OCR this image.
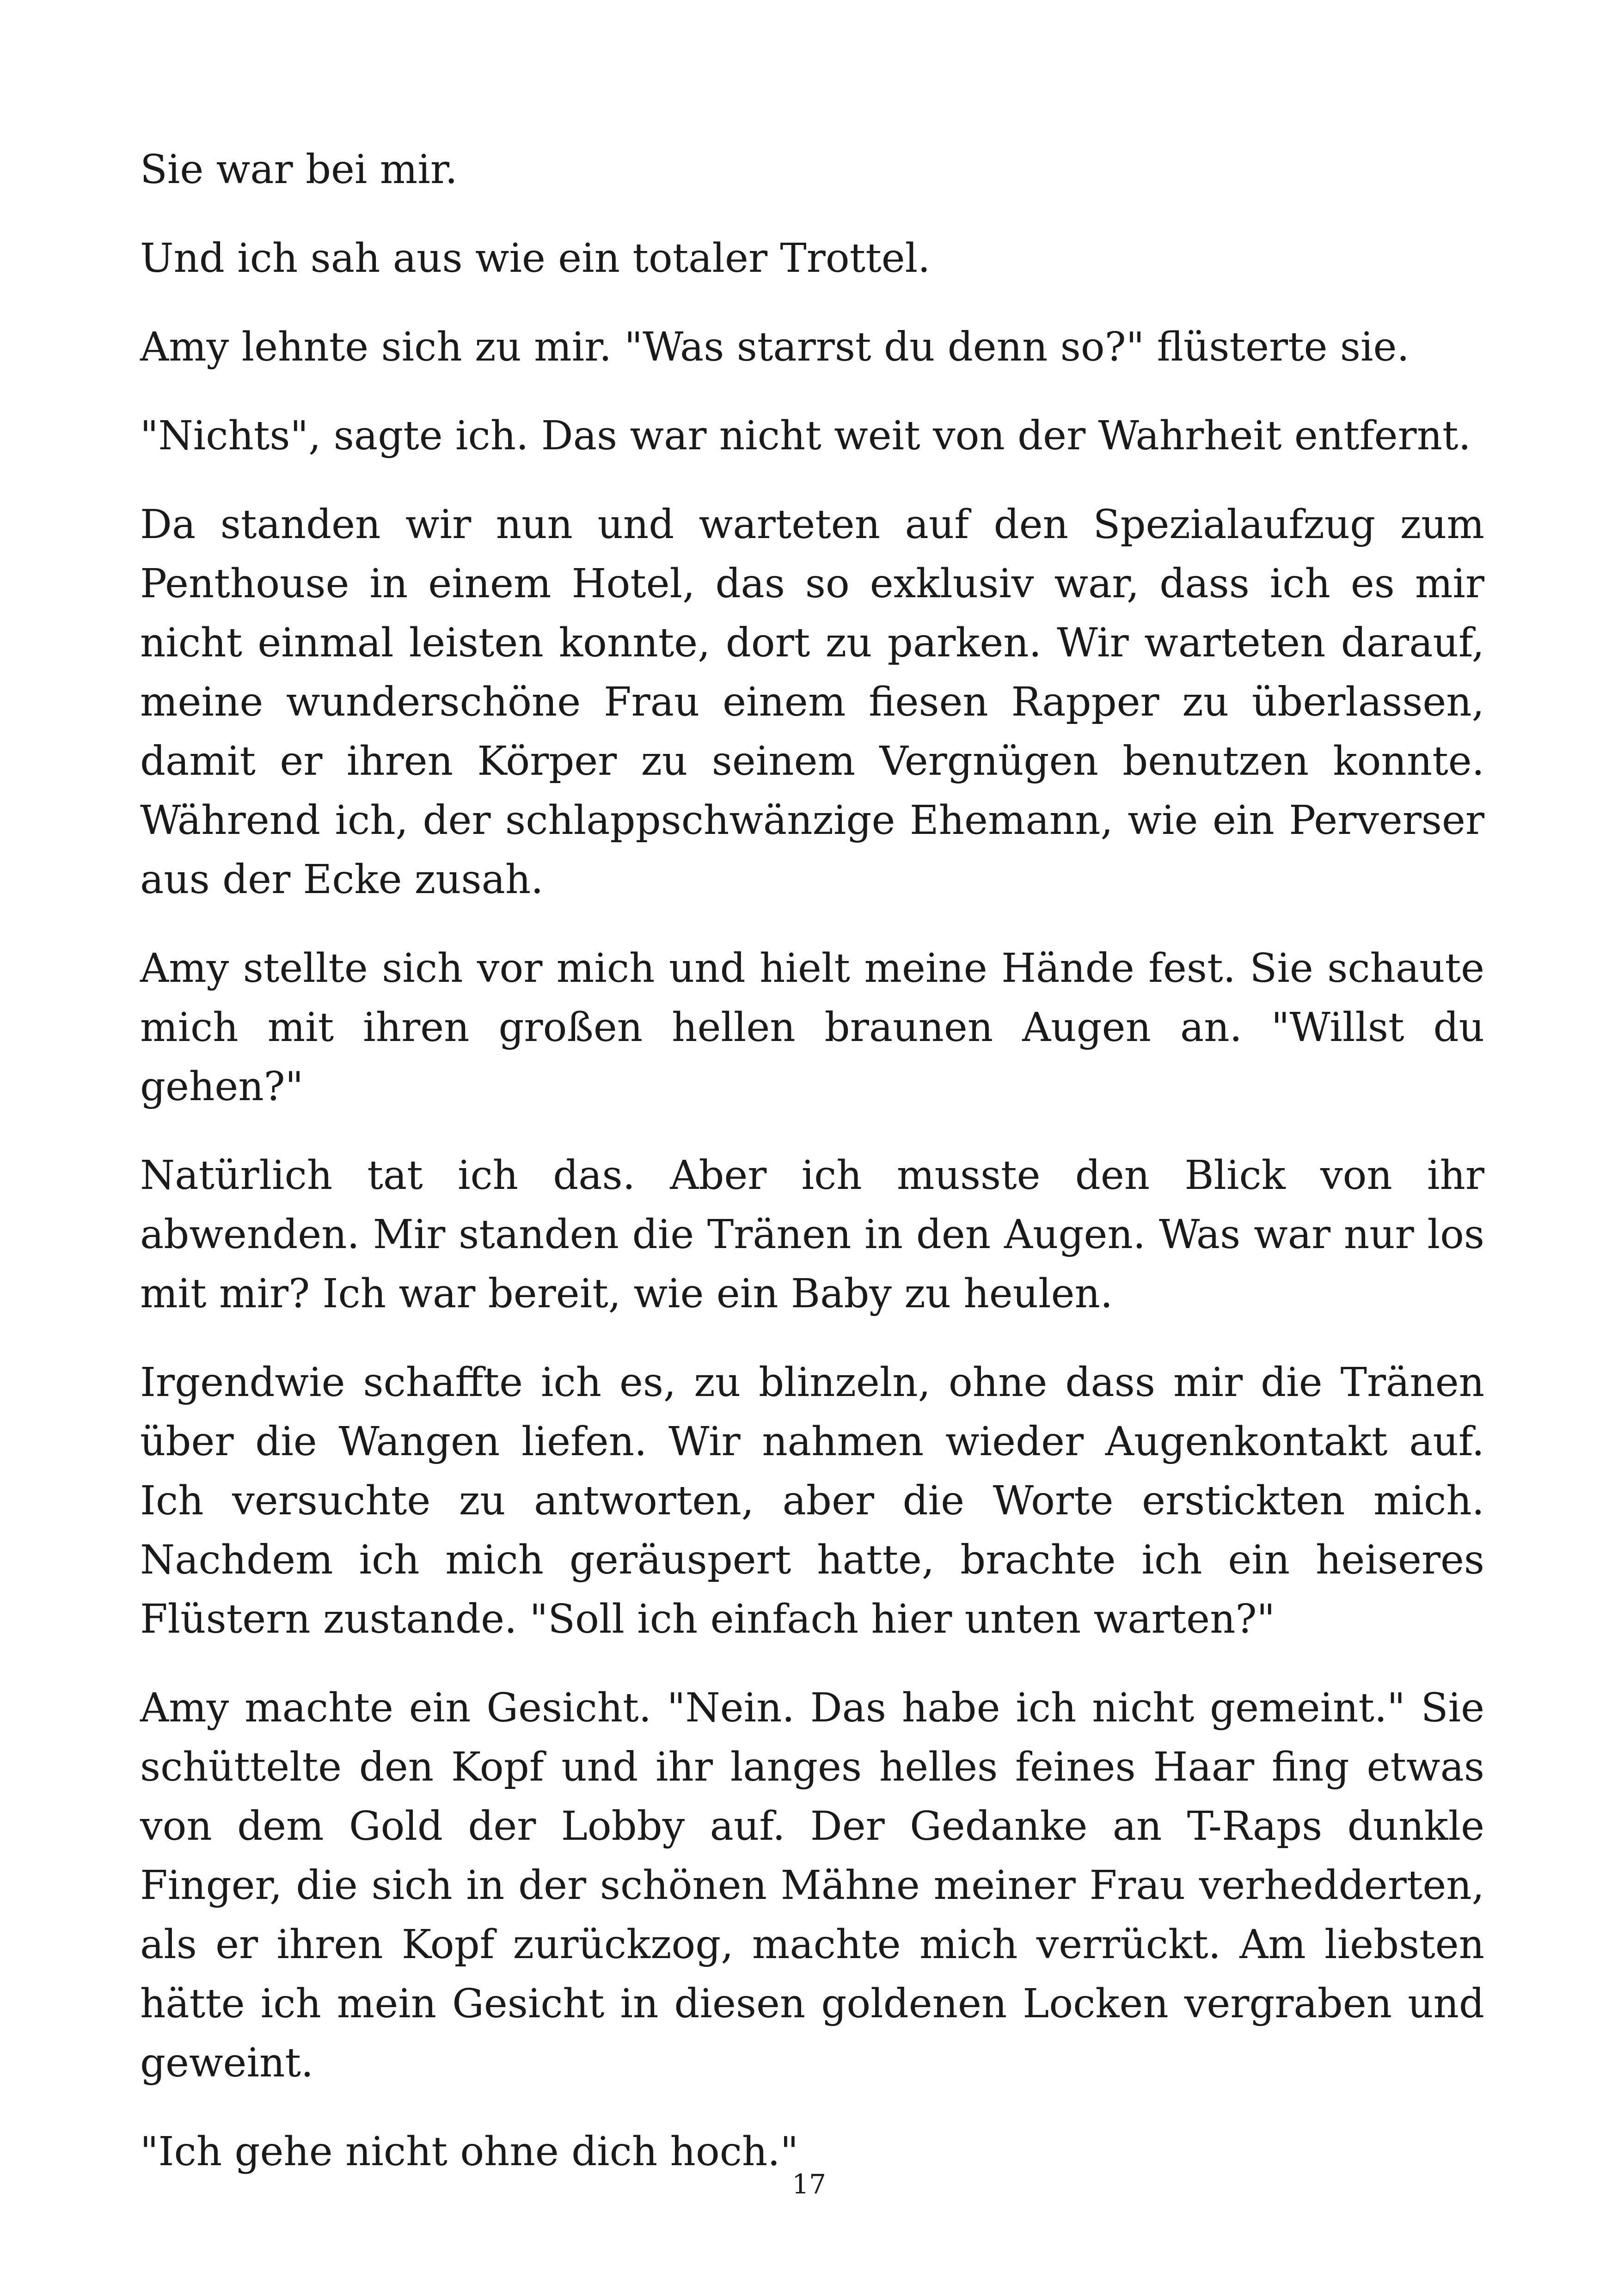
Sie war bei mir.

Und ich sah aus wie ein totaler Trottel.

Amy lehnte sich zu mir. "Was starrst du denn so?" flüsterte sie.

"Nichts", sagte ich. Das war nicht weit von der Wahrheit entfernt.

Da standen wir nun und warteten auf den Spezialaufzug zum Penthouse in einem Hotel, das so exklusiv war, dass ich es mir nicht einmal leisten konnte, dort zu parken. Wir warteten darauf, meine wunderschöne Frau einem fiesen Rapper zu überlassen, damit er ihren Körper zu seinem Vergnügen benutzen konnte. Während ich, der schlappschwänzige Ehemann, wie ein Perverser aus der Ecke zusah.

Amy stellte sich vor mich und hielt meine Hände fest. Sie schaute mich mit ihren großen hellen braunen Augen an. "Willst du gehen?"

Natürlich tat ich das. Aber ich musste den Blick von ihr abwenden. Mir standen die Tränen in den Augen. Was war nur los mit mir? Ich war bereit, wie ein Baby zu heulen.

Irgendwie schaffte ich es, zu blinzeln, ohne dass mir die Tränen über die Wangen liefen. Wir nahmen wieder Augenkontakt auf. Ich versuchte zu antworten, aber die Worte erstickten mich. Nachdem ich mich geräuspert hatte, brachte ich ein heiseres Flüstern zustande. "Soll ich einfach hier unten warten?"

Amy machte ein Gesicht. "Nein. Das habe ich nicht gemeint." Sie schüttelte den Kopf und ihr langes helles feines Haar fing etwas von dem Gold der Lobby auf. Der Gedanke an T-Raps dunkle Finger, die sich in der schönen Mähne meiner Frau verhedderten, als er ihren Kopf zurückzog, machte mich verrückt. Am liebsten hätte ich mein Gesicht in diesen goldenen Locken vergraben und geweint.

"Ich gehe nicht ohne dich hoch."

17
